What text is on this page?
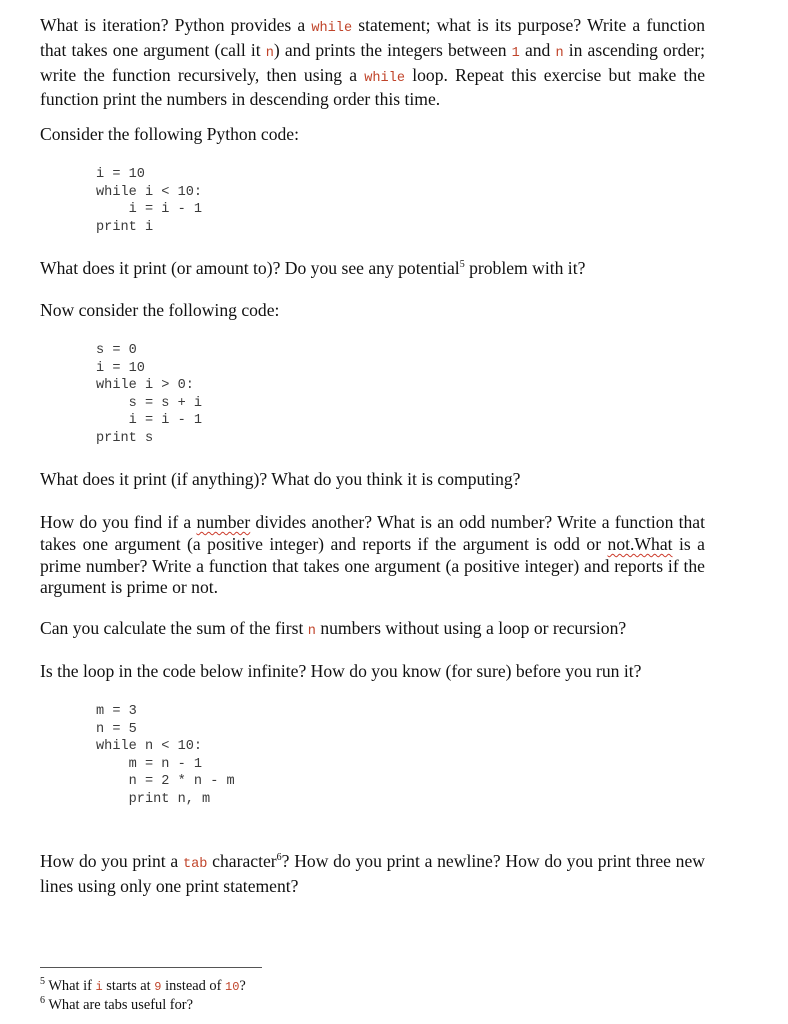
What is iteration? Python provides a while statement; what is its purpose? Write a function that takes one argument (call it n) and prints the integers between 1 and n in ascending order; write the function recursively, then using a while loop. Repeat this exercise but make the function print the numbers in descending order this time.

Consider the following Python code:

i = 10
while i < 10:
i = i - 1
print i

What does it print (or amount to)? Do you see any potential$^5$ problem with it?

Now consider the following code:

s = 0
i = 10
while i > 0:
s = s + i
i = i - 1
print s

What does it print (if anything)? What do you think it is computing?

How do you find if a number divides another? What is an odd number? Write a function that takes one argument (a positive integer) and reports if the argument is odd or not.What is a prime number? Write a function that takes one argument (a positive integer) and reports if the argument is prime or not.

Can you calculate the sum of the first n numbers without using a loop or recursion?

Is the loop in the code below infinite? How do you know (for sure) before you run it?

m = 3
n = 5
while n < 10:
m = n - 1
n = 2 * n - m
print n, m

How do you print a tab character$^6$? How do you print a newline? How do you print three new lines using only one print statement?

$^5$ What if i starts at 9 instead of 10?

$^6$ What are tabs useful for?
